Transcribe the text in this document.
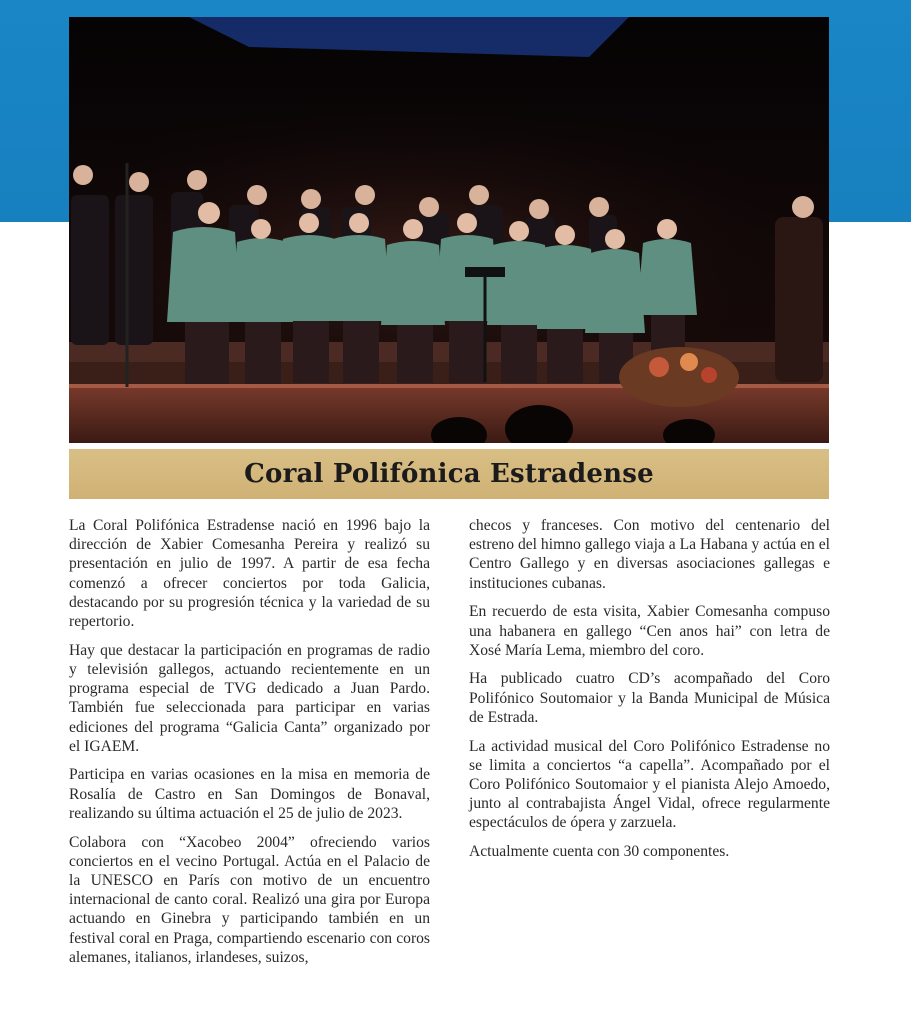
Coral Polifónica Estradense

La Coral Polifónica Estradense nació en 1996 bajo la dirección de Xabier Comesanha Pereira y realizó su presentación en julio de 1997. A partir de esa fecha comenzó a ofrecer conciertos por toda Galicia, destacando por su progresión técnica y la variedad de su repertorio.

Hay que destacar la participación en programas de radio y televisión gallegos, actuando recientemente en un programa especial de TVG dedicado a Juan Pardo. También fue seleccionada para participar en varias ediciones del programa “Galicia Canta” organizado por el IGAEM.

Participa en varias ocasiones en la misa en memoria de Rosalía de Castro en San Domingos de Bonaval, realizando su última actuación el 25 de julio de 2023.

Colabora con “Xacobeo 2004” ofreciendo varios conciertos en el vecino Portugal. Actúa en el Palacio de la UNESCO en París con motivo de un encuentro internacional de canto coral. Realizó una gira por Europa actuando en Ginebra y participando también en un festival coral en Praga, compartiendo escenario con coros alemanes, italianos, irlandeses, suizos,

checos y franceses. Con motivo del centenario del estreno del himno gallego viaja a La Habana y actúa en el Centro Gallego y en diversas asociaciones gallegas e instituciones cubanas.

En recuerdo de esta visita, Xabier Comesanha compuso una habanera en gallego “Cen anos hai” con letra de Xosé María Lema, miembro del coro.

Ha publicado cuatro CD’s acompañado del Coro Polifónico Soutomaior y la Banda Municipal de Música de Estrada.

La actividad musical del Coro Polifónico Estradense no se limita a conciertos “a capella”. Acompañado por el Coro Polifónico Soutomaior y el pianista Alejo Amoedo, junto al contrabajista Ángel Vidal, ofrece regularmente espectáculos de ópera y zarzuela.

Actualmente cuenta con 30 componentes.
